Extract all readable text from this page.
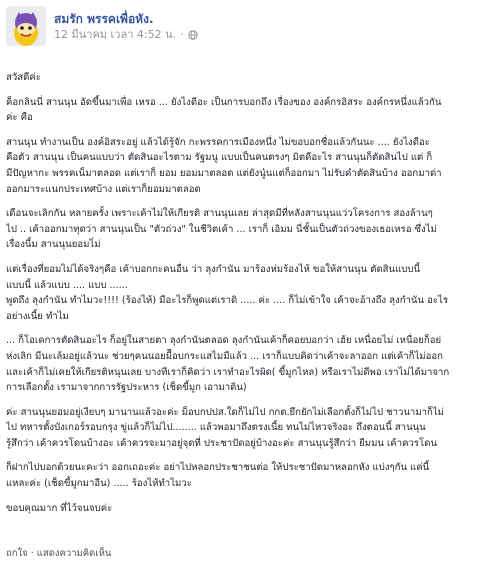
สมรัก พรรคเพื่อหัง.
12 มีนาคม เวลา 4:52 น. ·
สวัสดีค่ะ
ค็อกลินนี่ สานนุน อัดขึ้นมาเพื่อ เหรอ ... ยังไงดีอะ เป็นการบอกถึง เรื่องของ องค์กรอิสระ องค์กรหนึ่งแล้วกัน
ค่ะ คือ
สานนุน ทำงานเป็น องค์อิสระอยู่ แล้วได้รู้จัก กะพรรคการเมืองหนึ่ง ไม่ขอบอกชื่อแล้วกันนะ .... ยังไงดีอะ
คือตัว สานนุน เป็นคนแบบว่า ตัดสินอะไรตาม รัฐมนู แบบเป็นคนตรงๆ มิตดีอะไร สานนุนก็ตัดสินไป แต่ ก็
มีปัญหากะ พรรคเน็มาตลอด แต่เราก็ ยอม ยอมมาตลอด แต่ยังนู๋นแต่ก็ออกมา ไม่รับคำตัดสินบ้าง ออกมาด่า
ออกมาระแนกประเทศบ้าง แต่เราก็ยอมมาตลอด
เดือนจะเลิกกัน หลายครั้ง เพราะเค้าไม่ให้เกียรติ สานนุนเลย ล่าสุดมีที่หลังสานนุนแว่วโครงการ สองล้านๆ
ไป .. เค้าออกมาทุดว่า สานนุนเป็น "ตัวถ่วง" ในชีวิตเค้า ... เราก็ เอิมม นี่ชั้นเป็นตัวถ่วงของเธอเหรอ ซึ่งไม่
เรื่องนี้ม สานนุนยอมไ่ม่
แต่เรื่องที่ยอมไม่ได้จริงๆคือ เค้าบอกกะคนอื่น ว่า ลุงกำนัน มาร้องห่มร้องไห้ ขอให้สานนุน ตัดสินแบบนี้
แบบนี้ แล้วแบบ .... แบบ ......
พูดถึง ลุงกำนัน ทำไมวะ!!!! (ร้องไห้) มีอะไรก็พูดแต่เราดิ ..... ค่ะ .... ก็ไม่เข้าใจ เค้าจะอ้างถึง ลุงกำนัน อะไร
อย่างเนี้ย ทำไม
... ก็โอเคการตัดสินอะไร ก็อยู่ในสายตา ลุงกำนันตลอด ลุงกำนันเค้าก็คอยบอกว่า เฮ้ย เหนื่อยไม่ เหนื่อยก็อย่
ห่งเลิก มีนะเล้มอยู่แล้วนะ ช่วยๆคนนอยมีีอบกระแสไมมีแล้ว ... เราก็แบบคิดว่าเค้าจะลาออก แต่เค้าก็ไม่ออก
และเค้าก็ไม่เคยให้เกียรติหนุนเลย บางทีเราก็คิดว่า เราทำอะไรผิด( ขี้มูกไหล) หรือเราไม่ดีพอ เราไม่ได้มาจาก
การเลือกตั้ง เรามาจากการรัฐประหาร (เช็ดขี้มูก เอามาดิน)
ค่ะ สานนุนยอมอยู่เงียบๆ มานานแล้วอะค่ะ ม็อบกปปส.ใดก็ไม่ไป กกต.ยึกยักไม่เลือกตั้งก็ไม่ไป ชาวนามาก็ไม่
ไป ทหารตั้งบังเกอร์รอบกรุง ขู่แล้วก็ไม่ไป........ แล้วพอมาถึงตรงเนี้ย ทนไม่ไหวจริงอะ ถึงตอนนี้ สานนุน
รู้สึกว่า เค้าควรโดนบ้างอะ เค้าควรจะมาอยู่จุดที่ ประชาปัดอยู่บ้างอะค่ะ สานนุนรู้สึกว่า ยืมมน เค้าควรโดน
ก็ฝากไปบอกด้วยนะคะว่า ออกเถอะค่ะ อย่าไปหลอกประชาชนต่อ ให้ประชาปัดมาหลอกหัง แบ่งๆกัน แค่นี้
แหละค่ะ (เช็ดขี้มูกมาอีน) ..... ร้องไห้ทำไมวะ
ขอบคุณมาก ที่ไว้จนจบค่ะ
ถกใจ · แสดงความคิดเห็น
